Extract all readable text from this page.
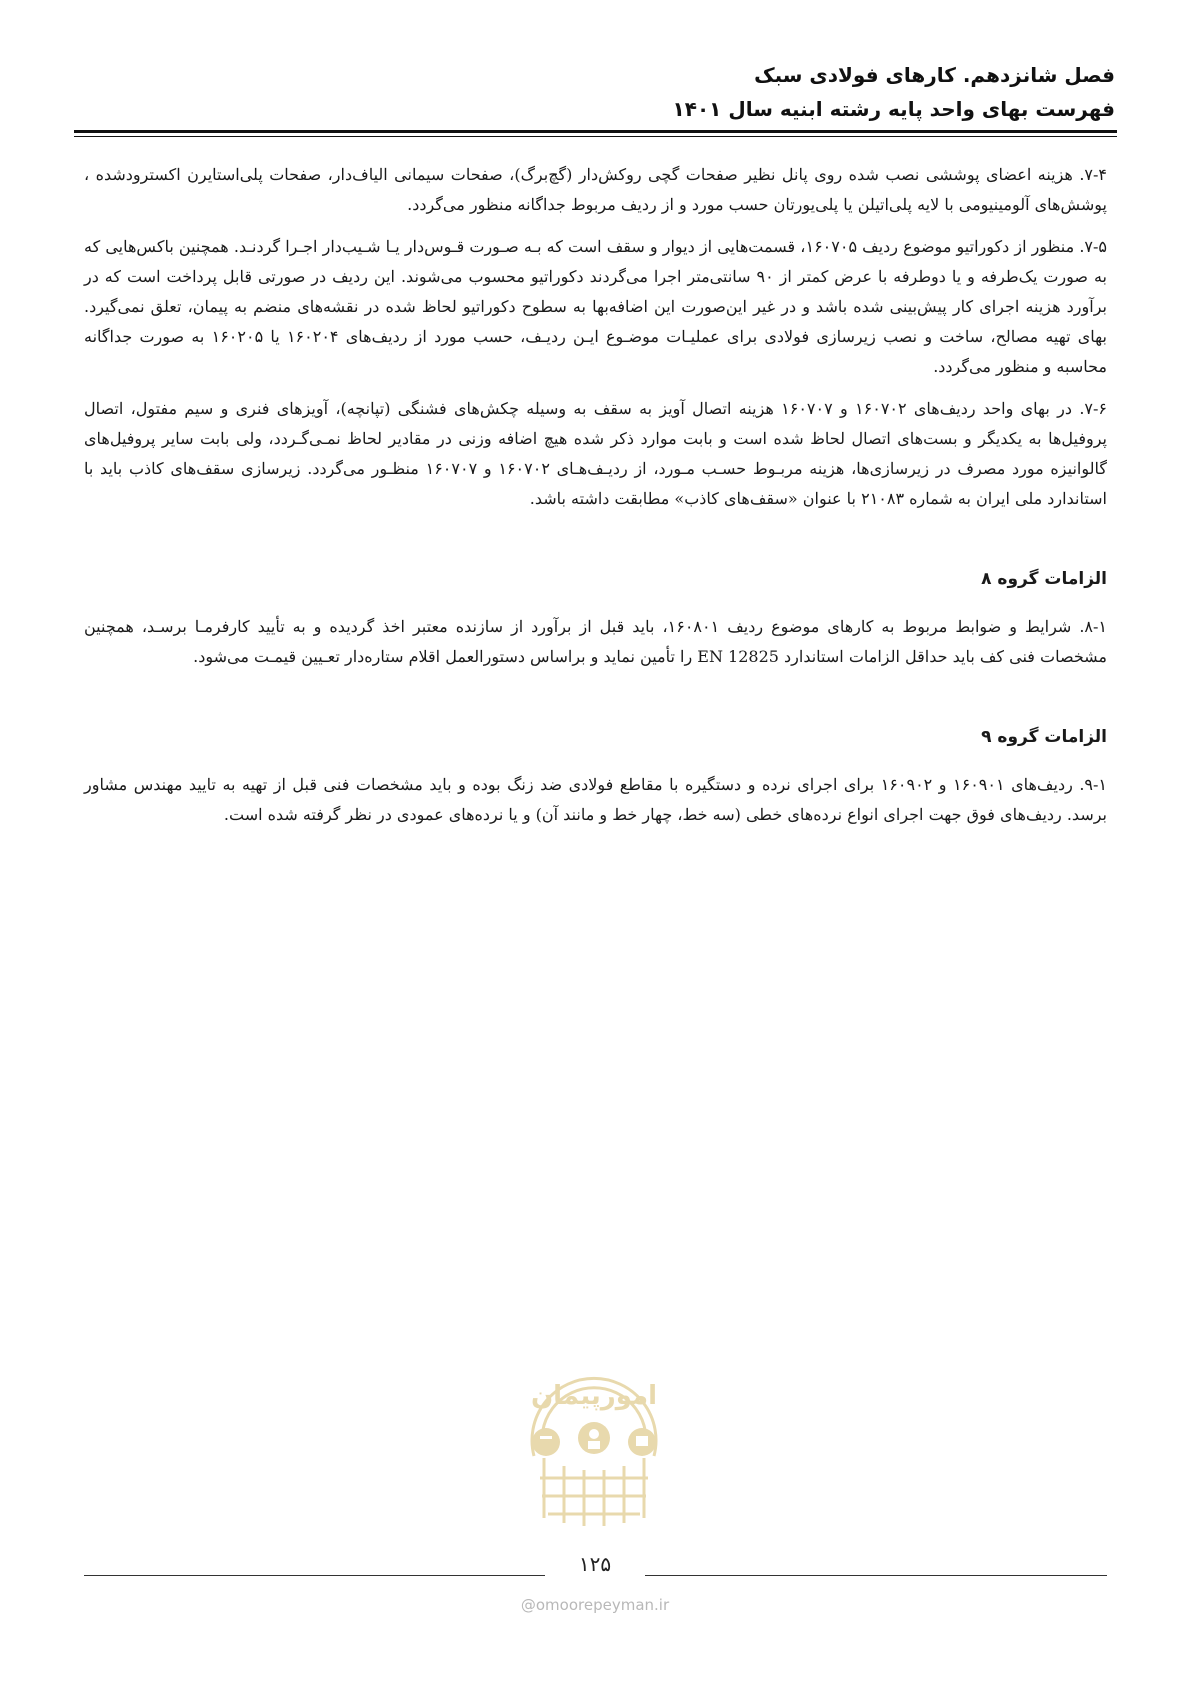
فصل شانزدهم. کارهای فولادی سبک
فهرست بهای واحد پایه رشته ابنیه سال ۱۴۰۱

۷-۴. هزینه اعضای پوششی نصب شده روی پانل نظیر صفحات گچی روکش‌دار (گچ‌برگ)، صفحات سیمانی الیاف‌دار، صفحات پلی‌استایرن اکسترودشده ، پوشش‌های آلومینیومی با لایه پلی‌اتیلن یا پلی‌یورتان حسب مورد و از ردیف مربوط جداگانه منظور می‌گردد.

۷-۵. منظور از دکوراتیو موضوع ردیف ۱۶۰۷۰۵، قسمت‌هایی از دیوار و سقف است که بـه صـورت قـوس‌دار یـا شـیب‌دار اجـرا گردنـد. همچنین باکس‌هایی که به صورت یک‌طرفه و یا دوطرفه با عرض کمتر از ۹۰ سانتی‌متر اجرا می‌گردند دکوراتیو محسوب می‌شوند. این ردیف در صورتی قابل پرداخت است که در برآورد هزینه اجرای کار پیش‌بینی شده باشد و در غیر این‌صورت این اضافه‌بها به سطوح دکوراتیو لحاظ شده در نقشه‌های منضم به پیمان، تعلق نمی‌گیرد. بهای تهیه مصالح، ساخت و نصب زیرسازی فولادی برای عملیـات موضـوع ایـن ردیـف، حسب مورد از ردیف‌های ۱۶۰۲۰۴ یا ۱۶۰۲۰۵ به صورت جداگانه محاسبه و منظور می‌گردد.

۷-۶. در بهای واحد ردیف‌های ۱۶۰۷۰۲ و ۱۶۰۷۰۷ هزینه اتصال آویز به سقف به وسیله چکش‌های فشنگی (تپانچه)، آویزهای فنری و سیم مفتول، اتصال پروفیل‌ها به یکدیگر و بست‌های اتصال لحاظ شده است و بابت موارد ذکر شده هیچ اضافه وزنی در مقادیر لحاظ نمـی‌گـردد، ولی بابت سایر پروفیل‌های گالوانیزه مورد مصرف در زیرسازی‌ها، هزینه مربـوط حسـب مـورد، از ردیـف‌هـای ۱۶۰۷۰۲ و ۱۶۰۷۰۷ منظـور می‌گردد. زیرسازی سقف‌های کاذب باید با استاندارد ملی ایران به شماره ۲۱۰۸۳ با عنوان «سقف‌های کاذب» مطابقت داشته باشد.

الزامات گروه ۸

۸-۱. شرایط و ضوابط مربوط به کارهای موضوع ردیف ۱۶۰۸۰۱، باید قبل از برآورد از سازنده معتبر اخذ گردیده و به تأیید کارفرمـا برسـد، همچنین مشخصات فنی کف باید حداقل الزامات استاندارد EN 12825 را تأمین نماید و براساس دستورالعمل اقلام ستاره‌دار تعـیین قیمـت می‌شود.

الزامات گروه ۹

۹-۱. ردیف‌های ۱۶۰۹۰۱ و ۱۶۰۹۰۲ برای اجرای نرده و دستگیره با مقاطع فولادی ضد زنگ بوده و باید مشخصات فنی قبل از تهیه به تایید مهندس مشاور برسد. ردیف‌های فوق جهت اجرای انواع نرده‌های خطی (سه خط، چهار خط و مانند آن) و یا نرده‌های عمودی در نظر گرفته شده است.

امورپیمان
۱۲۵
@omoorepeyman.ir
